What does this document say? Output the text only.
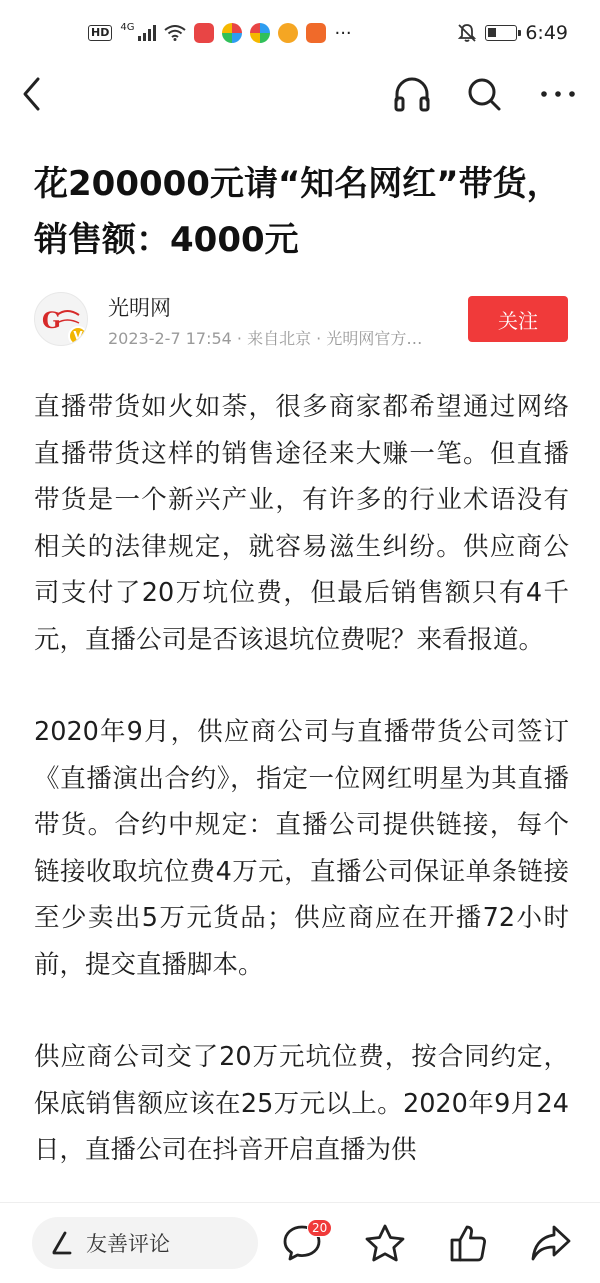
HD	4G	···	6:49
花200000元请“知名网红”带货，销售额：4000元
G
V
光明网
2023-2-7 17:54 · 来自北京 · 光明网官方…
关注

直播带货如火如荼，很多商家都希望通过网络直播带货这样的销售途径来大赚一笔。但直播带货是一个新兴产业，有许多的行业术语没有相关的法律规定，就容易滋生纠纷。供应商公司支付了20万坑位费，但最后销售额只有4千元，直播公司是否该退坑位费呢？来看报道。

2020年9月，供应商公司与直播带货公司签订《直播演出合约》，指定一位网红明星为其直播带货。合约中规定：直播公司提供链接，每个链接收取坑位费4万元，直播公司保证单条链接至少卖出5万元货品；供应商应在开播72小时前，提交直播脚本。

供应商公司交了20万元坑位费，按合同约定，保底销售额应该在25万元以上。2020年9月24日，直播公司在抖音开启直播为供

友善评论
20
